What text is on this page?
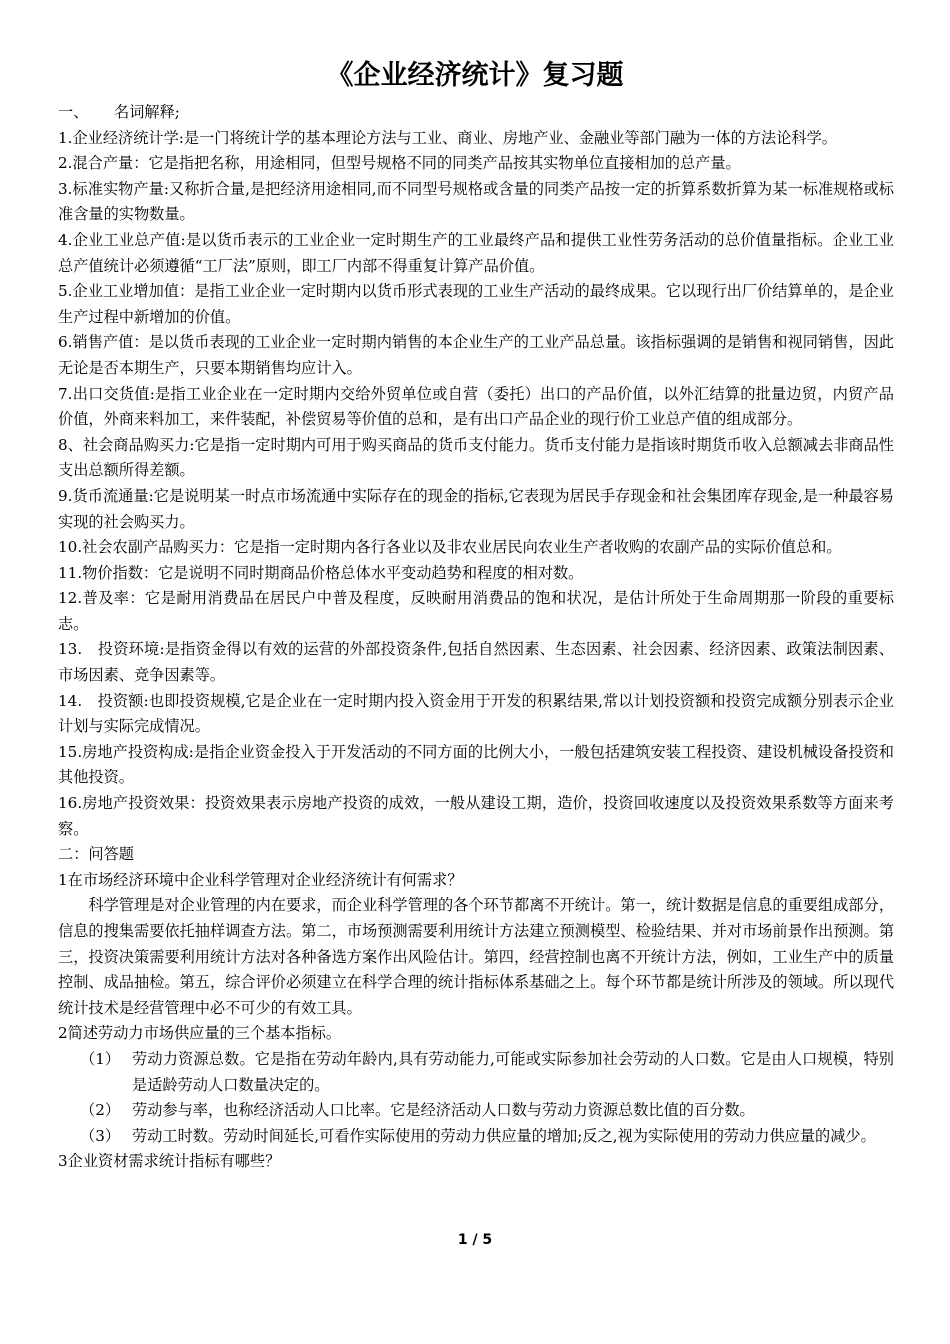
《企业经济统计》复习题

一、 名词解释;

1.企业经济统计学:是一门将统计学的基本理论方法与工业、商业、房地产业、金融业等部门融为一体的方法论科学。

2.混合产量：它是指把名称，用途相同，但型号规格不同的同类产品按其实物单位直接相加的总产量。

3.标准实物产量:又称折合量,是把经济用途相同,而不同型号规格或含量的同类产品按一定的折算系数折算为某一标准规格或标准含量的实物数量。

4.企业工业总产值:是以货币表示的工业企业一定时期生产的工业最终产品和提供工业性劳务活动的总价值量指标。企业工业总产值统计必须遵循“工厂法”原则，即工厂内部不得重复计算产品价值。

5.企业工业增加值：是指工业企业一定时期内以货币形式表现的工业生产活动的最终成果。它以现行出厂价结算单的，是企业生产过程中新增加的价值。

6.销售产值：是以货币表现的工业企业一定时期内销售的本企业生产的工业产品总量。该指标强调的是销售和视同销售，因此无论是否本期生产，只要本期销售均应计入。

7.出口交货值:是指工业企业在一定时期内交给外贸单位或自营（委托）出口的产品价值，以外汇结算的批量边贸，内贸产品价值，外商来料加工，来件装配，补偿贸易等价值的总和，是有出口产品企业的现行价工业总产值的组成部分。

8、社会商品购买力:它是指一定时期内可用于购买商品的货币支付能力。货币支付能力是指该时期货币收入总额减去非商品性支出总额所得差额。

9.货币流通量:它是说明某一时点市场流通中实际存在的现金的指标,它表现为居民手存现金和社会集团库存现金,是一种最容易实现的社会购买力。

10.社会农副产品购买力：它是指一定时期内各行各业以及非农业居民向农业生产者收购的农副产品的实际价值总和。

11.物价指数：它是说明不同时期商品价格总体水平变动趋势和程度的相对数。

12.普及率：它是耐用消费品在居民户中普及程度，反映耐用消费品的饱和状况，是估计所处于生命周期那一阶段的重要标志。

13.　投资环境:是指资金得以有效的运营的外部投资条件,包括自然因素、生态因素、社会因素、经济因素、政策法制因素、市场因素、竞争因素等。

14.　投资额:也即投资规模,它是企业在一定时期内投入资金用于开发的积累结果,常以计划投资额和投资完成额分别表示企业计划与实际完成情况。

15.房地产投资构成:是指企业资金投入于开发活动的不同方面的比例大小，一般包括建筑安装工程投资、建设机械设备投资和其他投资。

16.房地产投资效果：投资效果表示房地产投资的成效，一般从建设工期，造价，投资回收速度以及投资效果系数等方面来考察。

二：问答题

1在市场经济环境中企业科学管理对企业经济统计有何需求？

科学管理是对企业管理的内在要求，而企业科学管理的各个环节都离不开统计。第一，统计数据是信息的重要组成部分，信息的搜集需要依托抽样调查方法。第二，市场预测需要利用统计方法建立预测模型、检验结果、并对市场前景作出预测。第三，投资决策需要利用统计方法对各种备选方案作出风险估计。第四，经营控制也离不开统计方法，例如，工业生产中的质量控制、成品抽检。第五，综合评价必须建立在科学合理的统计指标体系基础之上。每个环节都是统计所涉及的领域。所以现代统计技术是经营管理中必不可少的有效工具。

2简述劳动力市场供应量的三个基本指标。

（1） 劳动力资源总数。它是指在劳动年龄内,具有劳动能力,可能或实际参加社会劳动的人口数。它是由人口规模，特别是适龄劳动人口数量决定的。
（2） 劳动参与率，也称经济活动人口比率。它是经济活动人口数与劳动力资源总数比值的百分数。
（3） 劳动工时数。劳动时间延长,可看作实际使用的劳动力供应量的增加;反之,视为实际使用的劳动力供应量的减少。

3企业资材需求统计指标有哪些？

1 / 5
